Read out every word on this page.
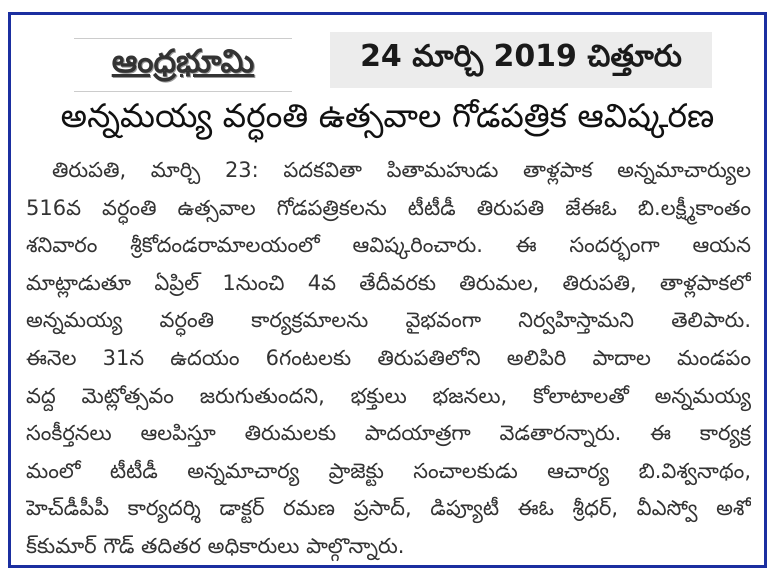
ఆంధ్రభూమి	24 మార్చి 2019 చిత్తూరు
అన్నమయ్య వర్ధంతి ఉత్సవాల గోడపత్రిక ఆవిష్కరణ
తిరుపతి, మార్చి 23: పదకవితా పితామహుడు తాళ్లపాక అన్నమాచార్యుల
516వ వర్ధంతి ఉత్సవాల గోడపత్రికలను టీటీడీ తిరుపతి జేఈఓ బి.లక్ష్మీకాంతం
శనివారం శ్రీకోదండరామాలయంలో ఆవిష్కరించారు. ఈ సందర్భంగా ఆయన
మాట్లాడుతూ ఏప్రిల్ 1నుంచి 4వ తేదీవరకు తిరుమల, తిరుపతి, తాళ్లపాకలో
అన్నమయ్య వర్ధంతి కార్యక్రమాలను వైభవంగా నిర్వహిస్తామని తెలిపారు.
ఈనెల 31న ఉదయం 6గంటలకు తిరుపతిలోని అలిపిరి పాదాల మండపం
వద్ద మెట్లోత్సవం జరుగుతుందని, భక్తులు భజనలు, కోలాటాలతో అన్నమయ్య
సంకీర్తనలు ఆలపిస్తూ తిరుమలకు పాదయాత్రగా వెడతారన్నారు. ఈ కార్యక్ర
మంలో టీటీడీ అన్నమాచార్య ప్రాజెక్టు సంచాలకుడు ఆచార్య బి.విశ్వనాథం,
హెచ్‌డీపీపీ కార్యదర్శి డాక్టర్ రమణ ప్రసాద్, డిప్యూటీ ఈఓ శ్రీధర్, వీఎస్వో అశో
క్‌కుమార్ గౌడ్ తదితర అధికారులు పాల్గొన్నారు.
